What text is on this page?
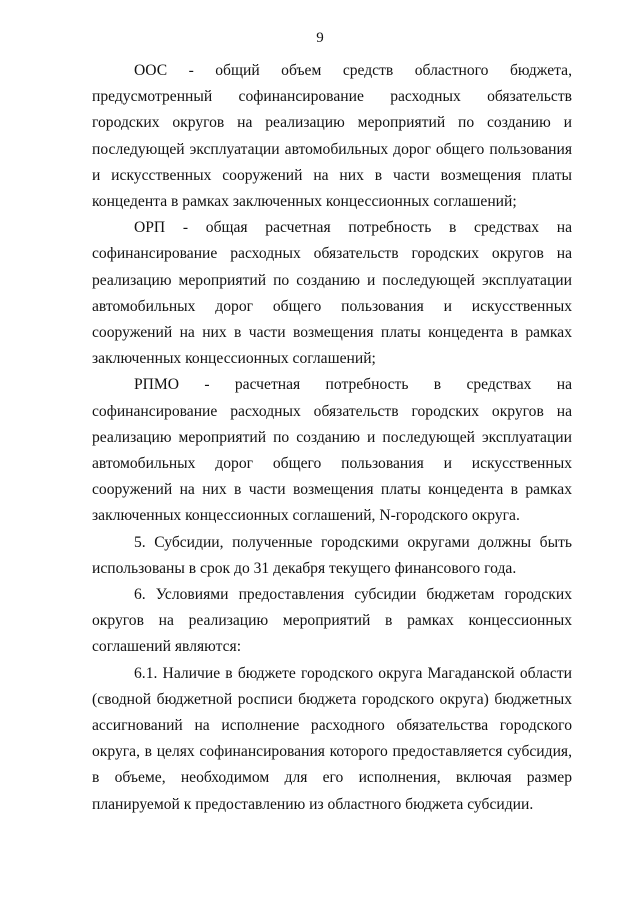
9

ООС - общий объем средств областного бюджета, предусмотренный софинансирование расходных обязательств городских округов на реализацию мероприятий по созданию и последующей эксплуатации автомобильных дорог общего пользования и искусственных сооружений на них в части возмещения платы концедента в рамках заключенных концессионных соглашений;

ОРП - общая расчетная потребность в средствах на софинансирование расходных обязательств городских округов на реализацию мероприятий по созданию и последующей эксплуатации автомобильных дорог общего пользования и искусственных сооружений на них в части возмещения платы концедента в рамках заключенных концессионных соглашений;

РПМО - расчетная потребность в средствах на софинансирование расходных обязательств городских округов на реализацию мероприятий по созданию и последующей эксплуатации автомобильных дорог общего пользования и искусственных сооружений на них в части возмещения платы концедента в рамках заключенных концессионных соглашений, N-городского округа.

5. Субсидии, полученные городскими округами должны быть использованы в срок до 31 декабря текущего финансового года.

6. Условиями предоставления субсидии бюджетам городских округов на реализацию мероприятий в рамках концессионных соглашений являются:

6.1. Наличие в бюджете городского округа Магаданской области (сводной бюджетной росписи бюджета городского округа) бюджетных ассигнований на исполнение расходного обязательства городского округа, в целях софинансирования которого предоставляется субсидия, в объеме, необходимом для его исполнения, включая размер планируемой к предоставлению из областного бюджета субсидии.
